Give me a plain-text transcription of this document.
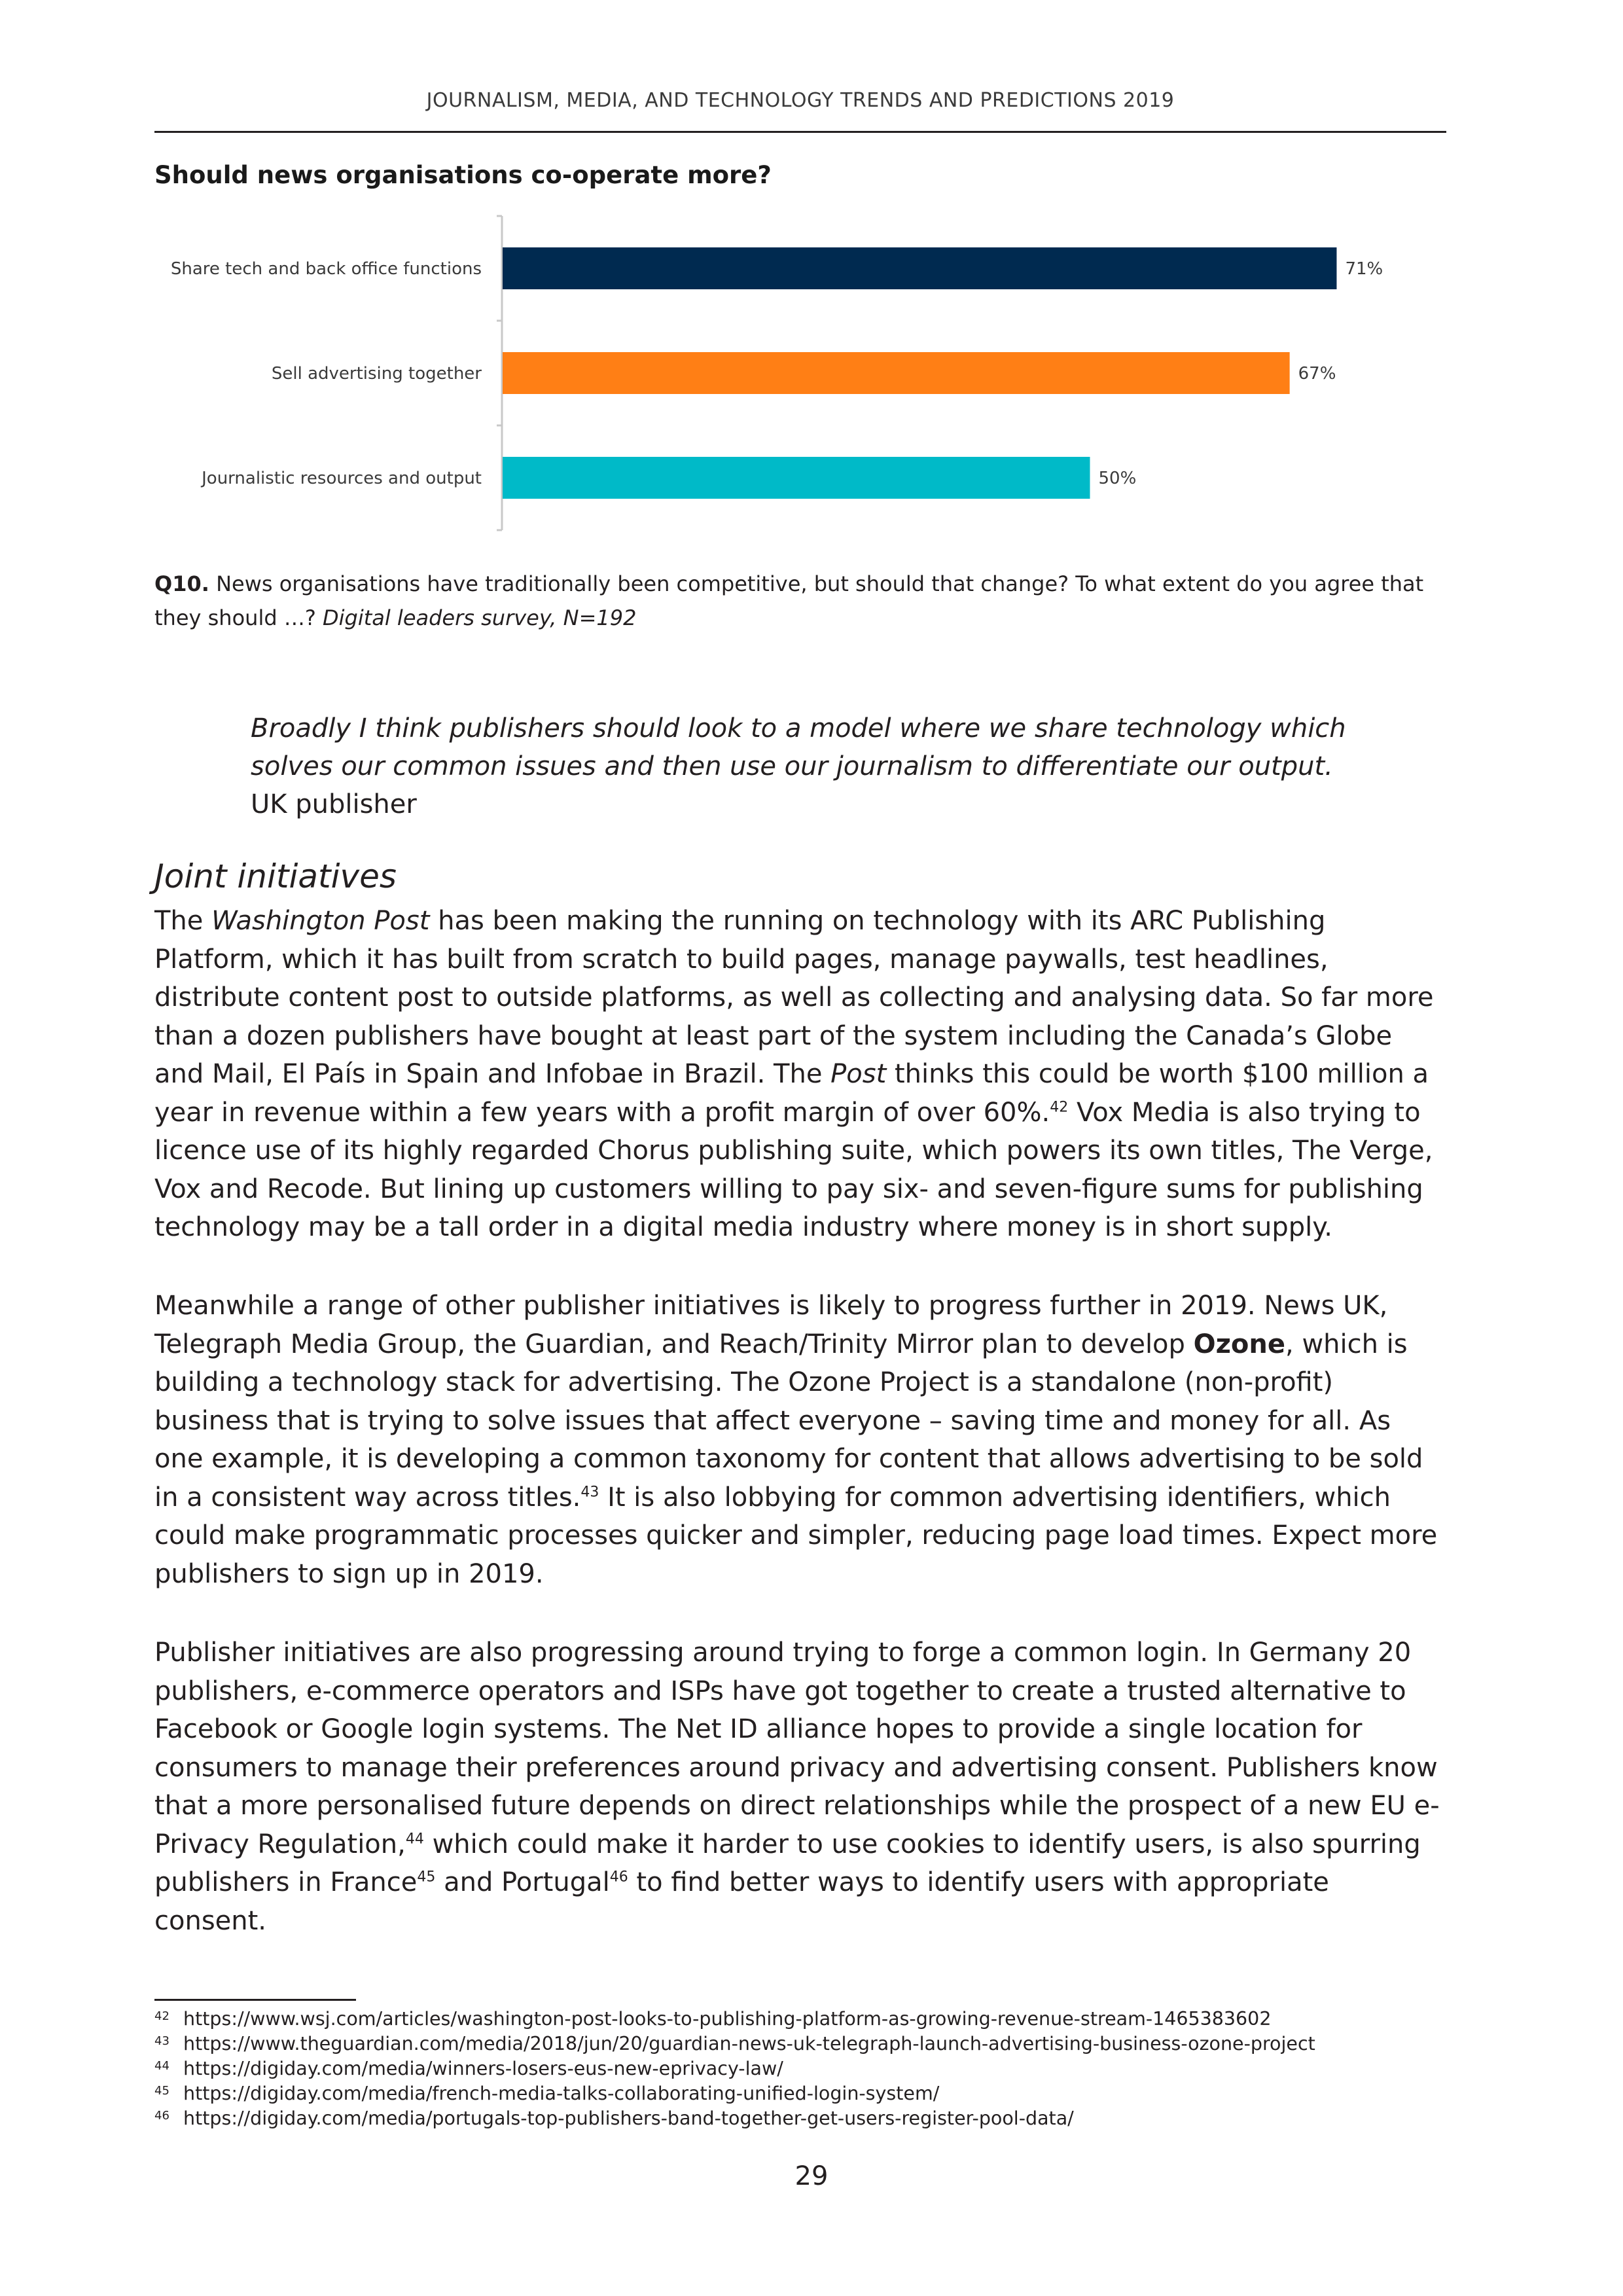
JOURNALISM, MEDIA, AND TECHNOLOGY TRENDS AND PREDICTIONS 2019
Should news organisations co-operate more?
Share tech and back office functions	71%
Sell advertising together	67%
Journalistic resources and output	50%
Q10. News organisations have traditionally been competitive, but should that change? To what extent do you agree that they should …? Digital leaders survey, N=192
Broadly I think publishers should look to a model where we share technology which solves our common issues and then use our journalism to differentiate our output.
UK publisher
Joint initiatives

The Washington Post has been making the running on technology with its ARC Publishing Platform, which it has built from scratch to build pages, manage paywalls, test headlines, distribute content post to outside platforms, as well as collecting and analysing data. So far more than a dozen publishers have bought at least part of the system including the Canada’s Globe and Mail, El País in Spain and Infobae in Brazil. The Post thinks this could be worth $100 million a year in revenue within a few years with a profit margin of over 60%.$^{42}$ Vox Media is also trying to licence use of its highly regarded Chorus publishing suite, which powers its own titles, The Verge, Vox and Recode. But lining up customers willing to pay six- and seven-figure sums for publishing technology may be a tall order in a digital media industry where money is in short supply.

Meanwhile a range of other publisher initiatives is likely to progress further in 2019. News UK, Telegraph Media Group, the Guardian, and Reach/Trinity Mirror plan to develop Ozone, which is building a technology stack for advertising. The Ozone Project is a standalone (non-profit) business that is trying to solve issues that affect everyone – saving time and money for all. As one example, it is developing a common taxonomy for content that allows advertising to be sold in a consistent way across titles.$^{43}$ It is also lobbying for common advertising identifiers, which could make programmatic processes quicker and simpler, reducing page load times. Expect more publishers to sign up in 2019.

Publisher initiatives are also progressing around trying to forge a common login. In Germany 20 publishers, e-commerce operators and ISPs have got together to create a trusted alternative to Facebook or Google login systems. The Net ID alliance hopes to provide a single location for consumers to manage their preferences around privacy and advertising consent. Publishers know that a more personalised future depends on direct relationships while the prospect of a new EU e-Privacy Regulation,$^{44}$ which could make it harder to use cookies to identify users, is also spurring publishers in France$^{45}$ and Portugal$^{46}$ to find better ways to identify users with appropriate consent.

42 https://www.wsj.com/articles/washington-post-looks-to-publishing-platform-as-growing-revenue-stream-1465383602
43 https://www.theguardian.com/media/2018/jun/20/guardian-news-uk-telegraph-launch-advertising-business-ozone-project
44 https://digiday.com/media/winners-losers-eus-new-eprivacy-law/
45 https://digiday.com/media/french-media-talks-collaborating-unified-login-system/
46 https://digiday.com/media/portugals-top-publishers-band-together-get-users-register-pool-data/
29
